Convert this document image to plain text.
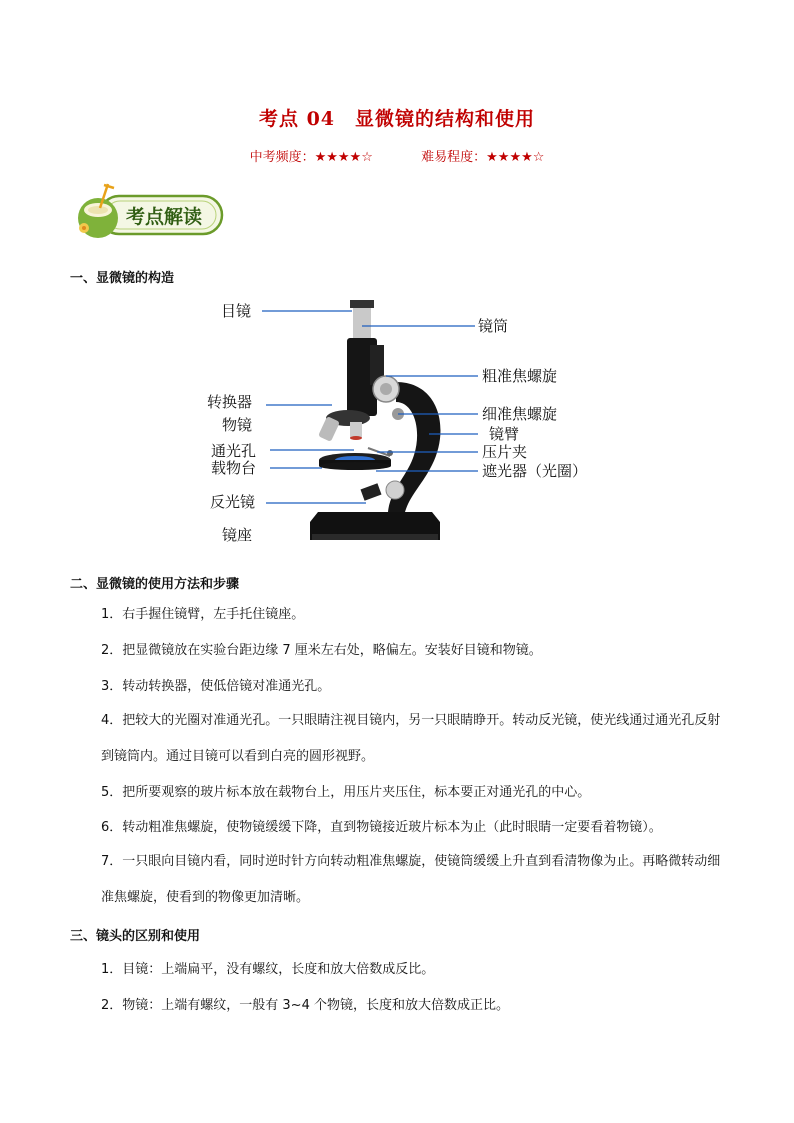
考点 04　显微镜的结构和使用
中考频度：★★★★☆	难易程度：★★★★☆
考点解读
一、显微镜的构造
目镜
镜筒
粗准焦螺旋
转换器
细准焦螺旋
物镜	镜臂
通光孔	压片夹
载物台	遮光器（光圈）
反光镜
镜座
二、显微镜的使用方法和步骤
1．右手握住镜臂，左手托住镜座。
2．把显微镜放在实验台距边缘 7 厘米左右处，略偏左。安装好目镜和物镜。
3．转动转换器，使低倍镜对准通光孔。
4．把较大的光圈对准通光孔。一只眼睛注视目镜内，另一只眼睛睁开。转动反光镜，使光线通过通光孔反射到镜筒内。通过目镜可以看到白亮的圆形视野。
5．把所要观察的玻片标本放在载物台上，用压片夹压住，标本要正对通光孔的中心。
6．转动粗准焦螺旋，使物镜缓缓下降，直到物镜接近玻片标本为止（此时眼睛一定要看着物镜）。
7．一只眼向目镜内看，同时逆时针方向转动粗准焦螺旋，使镜筒缓缓上升直到看清物像为止。再略微转动细准焦螺旋，使看到的物像更加清晰。
三、镜头的区别和使用
1．目镜：上端扁平，没有螺纹，长度和放大倍数成反比。
2．物镜：上端有螺纹，一般有 3~4 个物镜，长度和放大倍数成正比。
